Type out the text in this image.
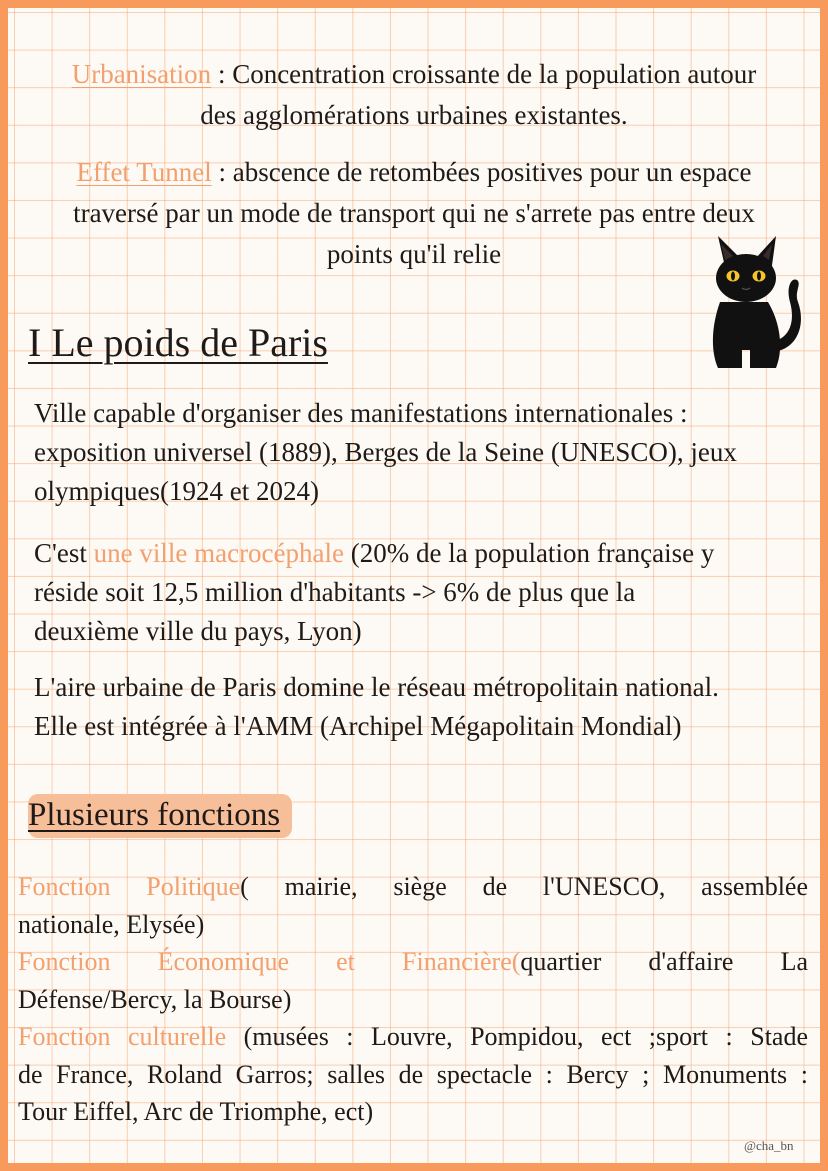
Urbanisation : Concentration croissante de la population autour
des agglomérations urbaines existantes.
Effet Tunnel : abscence de retombées positives pour un espace
traversé par un mode de transport qui ne s'arrete pas entre deux
points qu'il relie
I Le poids de Paris
Ville capable d'organiser des manifestations internationales :
exposition universel (1889), Berges de la Seine (UNESCO), jeux
olympiques(1924 et 2024)
C'est une ville macrocéphale (20% de la population française y
réside soit 12,5 million d'habitants -> 6% de plus que la
deuxième ville du pays, Lyon)
L'aire urbaine de Paris domine le réseau métropolitain national.
Elle est intégrée à l'AMM (Archipel Mégapolitain Mondial)
Plusieurs fonctions
Fonction Politique( mairie, siège de l'UNESCO, assemblée
nationale, Elysée)
Fonction Économique et Financière(quartier d'affaire La
Défense/Bercy, la Bourse)
Fonction culturelle (musées : Louvre, Pompidou, ect ;sport : Stade
de France, Roland Garros; salles de spectacle : Bercy ; Monuments :
Tour Eiffel, Arc de Triomphe, ect)
@cha_bn
